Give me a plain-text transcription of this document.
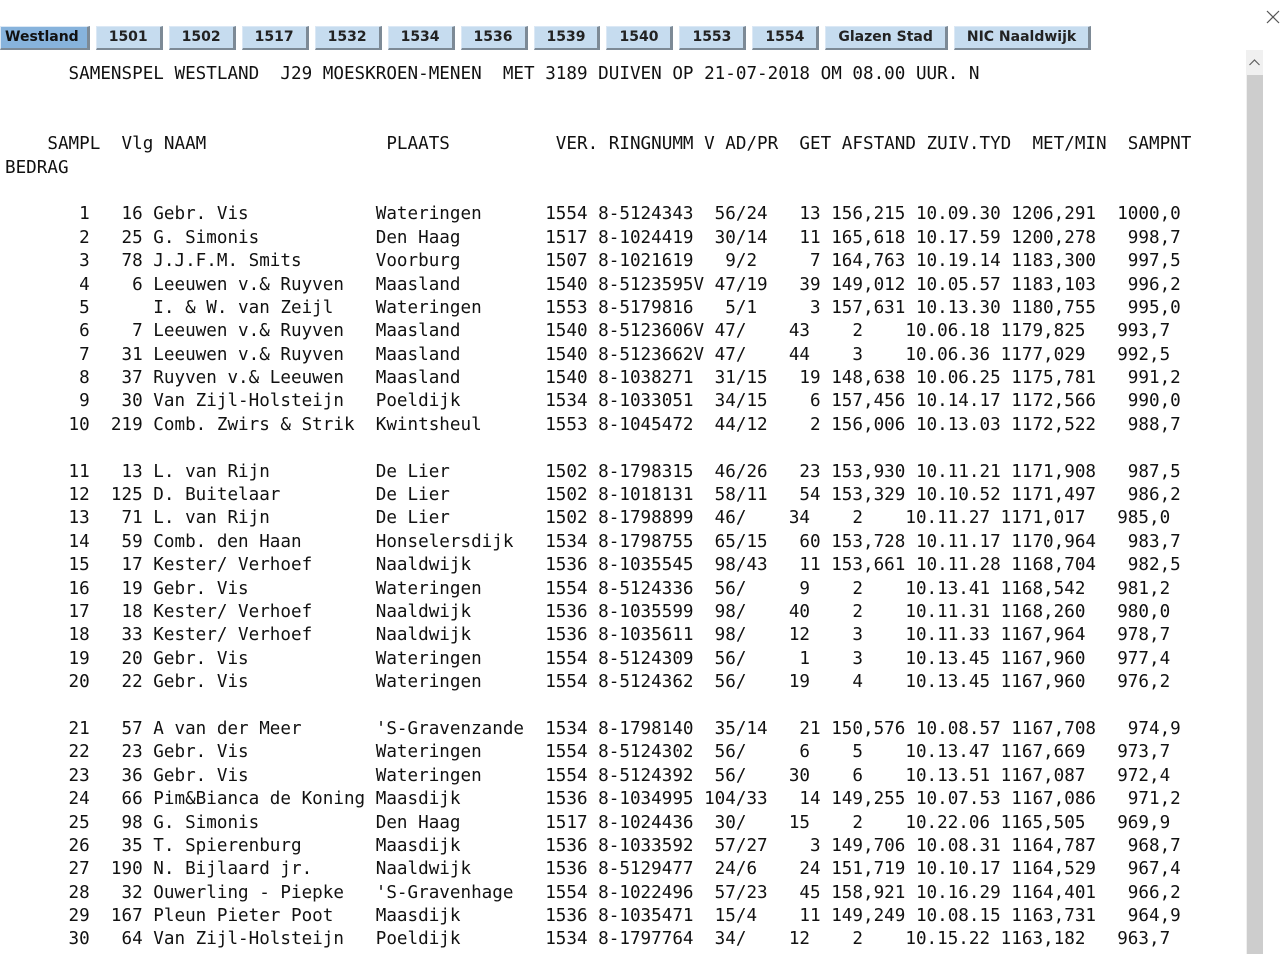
Westland	1501	1502	1517	1532	1534	1536	1539	1540	1553	1554	Glazen Stad	NIC Naaldwijk
SAMENSPEL WESTLAND  J29 MOESKROEN-MENEN  MET 3189 DUIVEN OP 21-07-2018 OM 08.00 UUR. N

SAMPL  Vlg NAAM                 PLAATS          VER. RINGNUMM V AD/PR  GET AFSTAND ZUIV.TYD  MET/MIN  SAMPNT
BEDRAG

1   16 Gebr. Vis            Wateringen      1554 8-5124343  56/24   13 156,215 10.09.30 1206,291  1000,0
2   25 G. Simonis           Den Haag        1517 8-1024419  30/14   11 165,618 10.17.59 1200,278   998,7
3   78 J.J.F.M. Smits       Voorburg        1507 8-1021619   9/2     7 164,763 10.19.14 1183,300   997,5
4    6 Leeuwen v.& Ruyven   Maasland        1540 8-5123595V 47/19   39 149,012 10.05.57 1183,103   996,2
5      I. & W. van Zeijl    Wateringen      1553 8-5179816   5/1     3 157,631 10.13.30 1180,755   995,0
6    7 Leeuwen v.& Ruyven   Maasland        1540 8-5123606V 47/    43    2    10.06.18 1179,825   993,7
7   31 Leeuwen v.& Ruyven   Maasland        1540 8-5123662V 47/    44    3    10.06.36 1177,029   992,5
8   37 Ruyven v.& Leeuwen   Maasland        1540 8-1038271  31/15   19 148,638 10.06.25 1175,781   991,2
9   30 Van Zijl-Holsteijn   Poeldijk        1534 8-1033051  34/15    6 157,456 10.14.17 1172,566   990,0
10  219 Comb. Zwirs & Strik  Kwintsheul      1553 8-1045472  44/12    2 156,006 10.13.03 1172,522   988,7

11   13 L. van Rijn          De Lier         1502 8-1798315  46/26   23 153,930 10.11.21 1171,908   987,5
12  125 D. Buitelaar         De Lier         1502 8-1018131  58/11   54 153,329 10.10.52 1171,497   986,2
13   71 L. van Rijn          De Lier         1502 8-1798899  46/    34    2    10.11.27 1171,017   985,0
14   59 Comb. den Haan       Honselersdijk   1534 8-1798755  65/15   60 153,728 10.11.17 1170,964   983,7
15   17 Kester/ Verhoef      Naaldwijk       1536 8-1035545  98/43   11 153,661 10.11.28 1168,704   982,5
16   19 Gebr. Vis            Wateringen      1554 8-5124336  56/     9    2    10.13.41 1168,542   981,2
17   18 Kester/ Verhoef      Naaldwijk       1536 8-1035599  98/    40    2    10.11.31 1168,260   980,0
18   33 Kester/ Verhoef      Naaldwijk       1536 8-1035611  98/    12    3    10.11.33 1167,964   978,7
19   20 Gebr. Vis            Wateringen      1554 8-5124309  56/     1    3    10.13.45 1167,960   977,4
20   22 Gebr. Vis            Wateringen      1554 8-5124362  56/    19    4    10.13.45 1167,960   976,2

21   57 A van der Meer       'S-Gravenzande  1534 8-1798140  35/14   21 150,576 10.08.57 1167,708   974,9
22   23 Gebr. Vis            Wateringen      1554 8-5124302  56/     6    5    10.13.47 1167,669   973,7
23   36 Gebr. Vis            Wateringen      1554 8-5124392  56/    30    6    10.13.51 1167,087   972,4
24   66 Pim&Bianca de Koning Maasdijk        1536 8-1034995 104/33   14 149,255 10.07.53 1167,086   971,2
25   98 G. Simonis           Den Haag        1517 8-1024436  30/    15    2    10.22.06 1165,505   969,9
26   35 T. Spierenburg       Maasdijk        1536 8-1033592  57/27    3 149,706 10.08.31 1164,787   968,7
27  190 N. Bijlaard jr.      Naaldwijk       1536 8-5129477  24/6    24 151,719 10.10.17 1164,529   967,4
28   32 Ouwerling - Piepke   'S-Gravenhage   1554 8-1022496  57/23   45 158,921 10.16.29 1164,401   966,2
29  167 Pleun Pieter Poot    Maasdijk        1536 8-1035471  15/4    11 149,249 10.08.15 1163,731   964,9
30   64 Van Zijl-Holsteijn   Poeldijk        1534 8-1797764  34/    12    2    10.15.22 1163,182   963,7
